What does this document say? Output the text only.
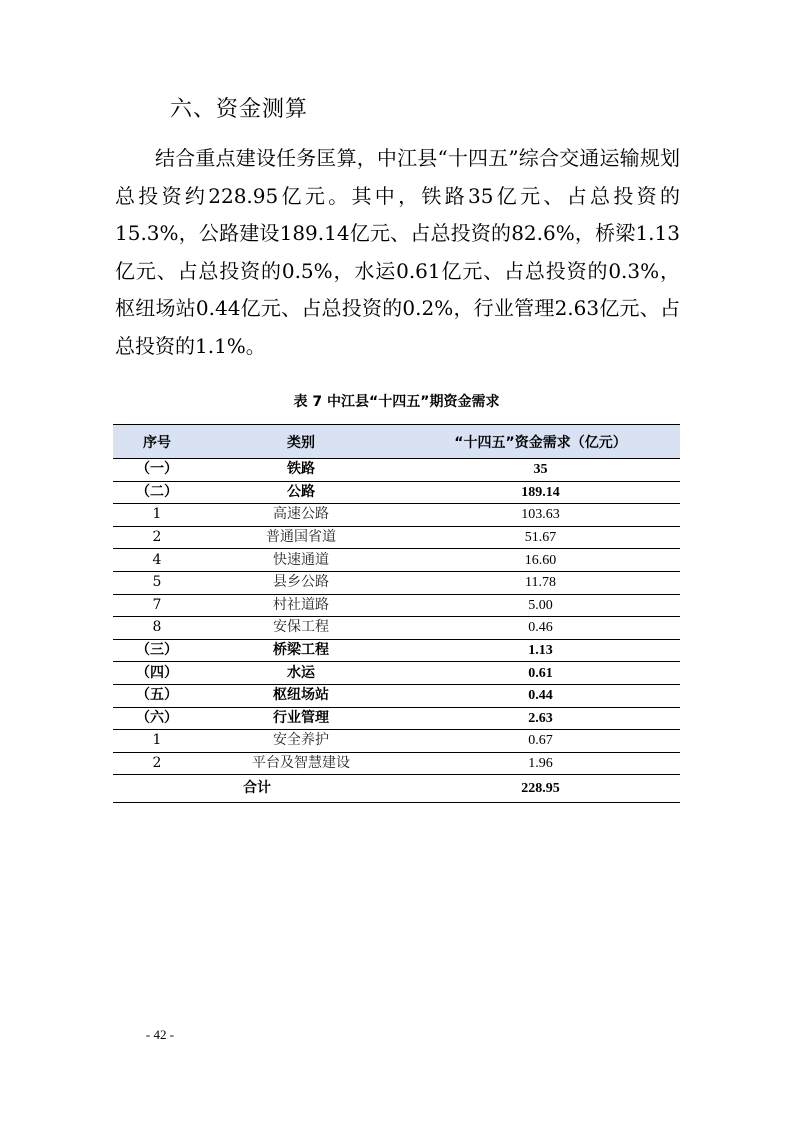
六、资金测算

结合重点建设任务匡算，中江县“十四五”综合交通运输规划总投资约228.95亿元。其中，铁路35亿元、占总投资的15.3%，公路建设189.14亿元、占总投资的82.6%，桥梁1.13亿元、占总投资的0.5%，水运0.61亿元、占总投资的0.3%，枢纽场站0.44亿元、占总投资的0.2%，行业管理2.63亿元、占总投资的1.1%。

表 7 中江县“十四五”期资金需求

序号	类别	“十四五”资金需求（亿元）
（一）	铁路	35
（二）	公路	189.14
1	高速公路	103.63
2	普通国省道	51.67
4	快速通道	16.60
5	县乡公路	11.78
7	村社道路	5.00
8	安保工程	0.46
（三）	桥梁工程	1.13
（四）	水运	0.61
（五）	枢纽场站	0.44
（六）	行业管理	2.63
1	安全养护	0.67
2	平台及智慧建设	1.96
合计		228.95

- 42 -
